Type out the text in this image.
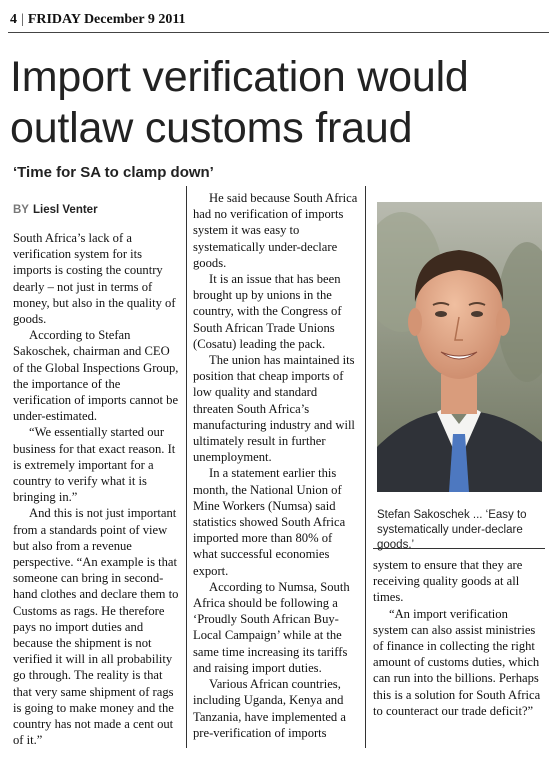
4 | FRIDAY December 9 2011
Import verification would outlaw customs fraud
‘Time for SA to clamp down’
BY Liesl Venter

South Africa’s lack of a verification system for its imports is costing the country dearly – not just in terms of money, but also in the quality of goods.

According to Stefan Sakoschek, chairman and CEO of the Global Inspections Group, the importance of the verification of imports cannot be under-estimated.

“We essentially started our business for that exact reason. It is extremely important for a country to verify what it is bringing in.”

And this is not just important from a standards point of view but also from a revenue perspective. “An example is that someone can bring in second-hand clothes and declare them to Customs as rags. He therefore pays no import duties and because the shipment is not verified it will in all probability go through. The reality is that that very same shipment of rags is going to make money and the country has not made a cent out of it.”

He said because South Africa had no verification of imports system it was easy to systematically under-declare goods.

It is an issue that has been brought up by unions in the country, with the Congress of South African Trade Unions (Cosatu) leading the pack.

The union has maintained its position that cheap imports of low quality and standard threaten South Africa’s manufacturing industry and will ultimately result in further unemployment.

In a statement earlier this month, the National Union of Mine Workers (Numsa) said statistics showed South Africa imported more than 80% of what successful economies export.

According to Numsa, South Africa should be following a ‘Proudly South African Buy-Local Campaign’ while at the same time increasing its tariffs and raising import duties.

Various African countries, including Uganda, Kenya and Tanzania, have implemented a pre-verification of imports

Stefan Sakoschek ... ‘Easy to systematically under-declare goods.’

system to ensure that they are receiving quality goods at all times.

“An import verification system can also assist ministries of finance in collecting the right amount of customs duties, which can run into the billions. Perhaps this is a solution for South Africa to counteract our trade deficit?”
